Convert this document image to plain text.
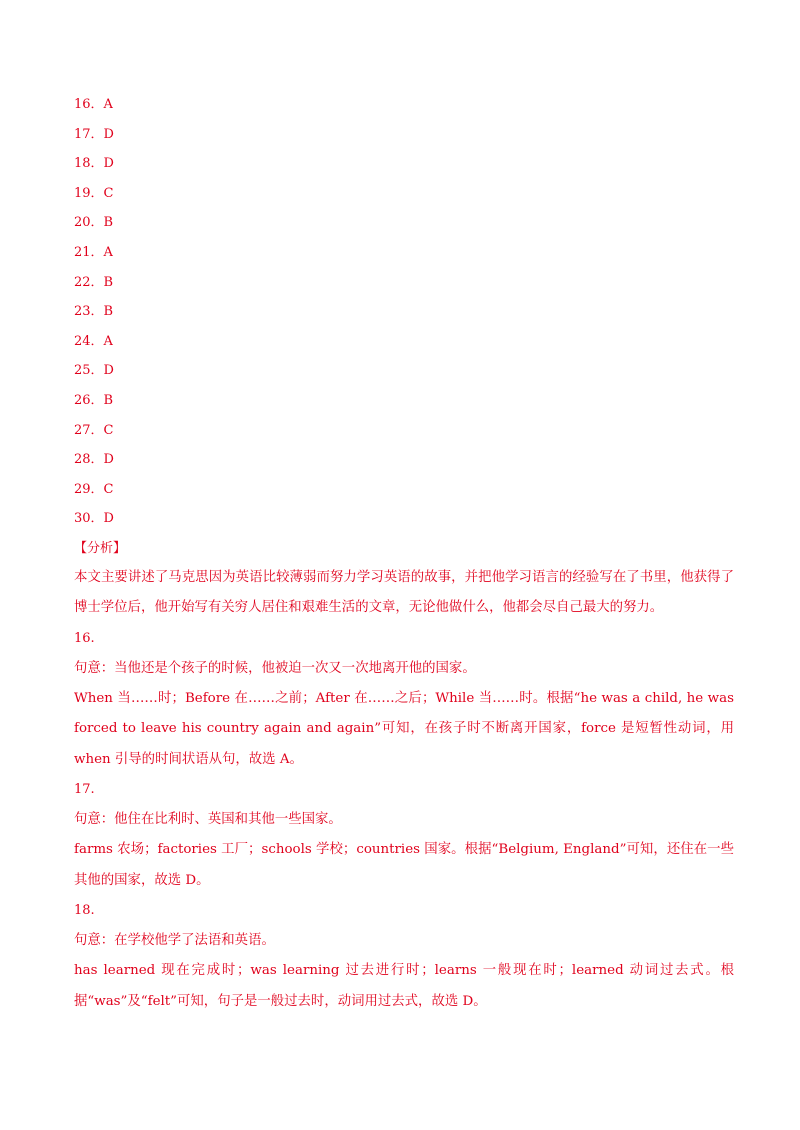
16．A
17．D
18．D
19．C
20．B
21．A
22．B
23．B
24．A
25．D
26．B
27．C
28．D
29．C
30．D
【分析】

本文主要讲述了马克思因为英语比较薄弱而努力学习英语的故事，并把他学习语言的经验写在了书里，他获得了博士学位后，他开始写有关穷人居住和艰难生活的文章，无论他做什么，他都会尽自己最大的努力。

16.

句意：当他还是个孩子的时候，他被迫一次又一次地离开他的国家。

When 当……时；Before 在……之前；After 在……之后；While 当……时。根据“he was a child, he was forced to leave his country again and again”可知，在孩子时不断离开国家，force 是短暂性动词，用 when 引导的时间状语从句，故选 A。

17.

句意：他住在比利时、英国和其他一些国家。

farms 农场；factories 工厂；schools 学校；countries 国家。根据“Belgium, England”可知，还住在一些其他的国家，故选 D。

18.

句意：在学校他学了法语和英语。

has learned 现在完成时；was learning 过去进行时；learns 一般现在时；learned 动词过去式。根据“was”及“felt”可知，句子是一般过去时，动词用过去式，故选 D。
